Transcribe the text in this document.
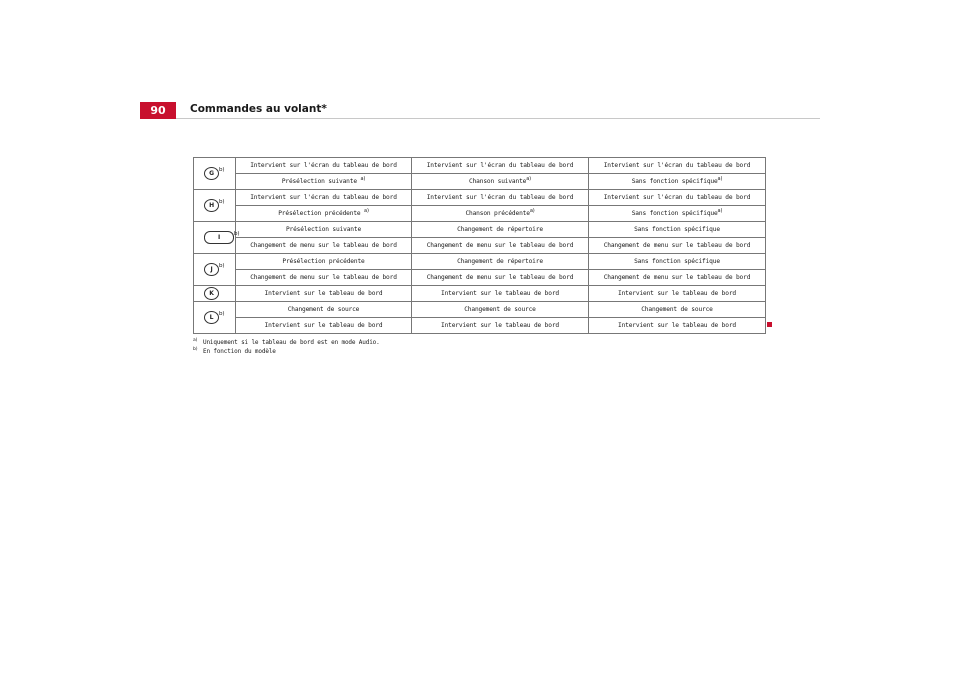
90 Commandes au volant*
G b)	Intervient sur l'écran du tableau de bord	Intervient sur l'écran du tableau de bord	Intervient sur l'écran du tableau de bord
	Présélection suivante $^{a)}$	Chanson suivante$^{a)}$	Sans fonction spécifique$^{a)}$
H b)	Intervient sur l'écran du tableau de bord	Intervient sur l'écran du tableau de bord	Intervient sur l'écran du tableau de bord
	Présélection précédente $^{a)}$	Chanson précédente$^{a)}$	Sans fonction spécifique$^{a)}$
I b)	Présélection suivante	Changement de répertoire	Sans fonction spécifique
	Changement de menu sur le tableau de bord	Changement de menu sur le tableau de bord	Changement de menu sur le tableau de bord
J b)	Présélection précédente	Changement de répertoire	Sans fonction spécifique
	Changement de menu sur le tableau de bord	Changement de menu sur le tableau de bord	Changement de menu sur le tableau de bord
K	Intervient sur le tableau de bord	Intervient sur le tableau de bord	Intervient sur le tableau de bord
L b)	Changement de source	Changement de source	Changement de source
	Intervient sur le tableau de bord	Intervient sur le tableau de bord	Intervient sur le tableau de bord
a) Uniquement si le tableau de bord est en mode Audio.
b) En fonction du modèle
